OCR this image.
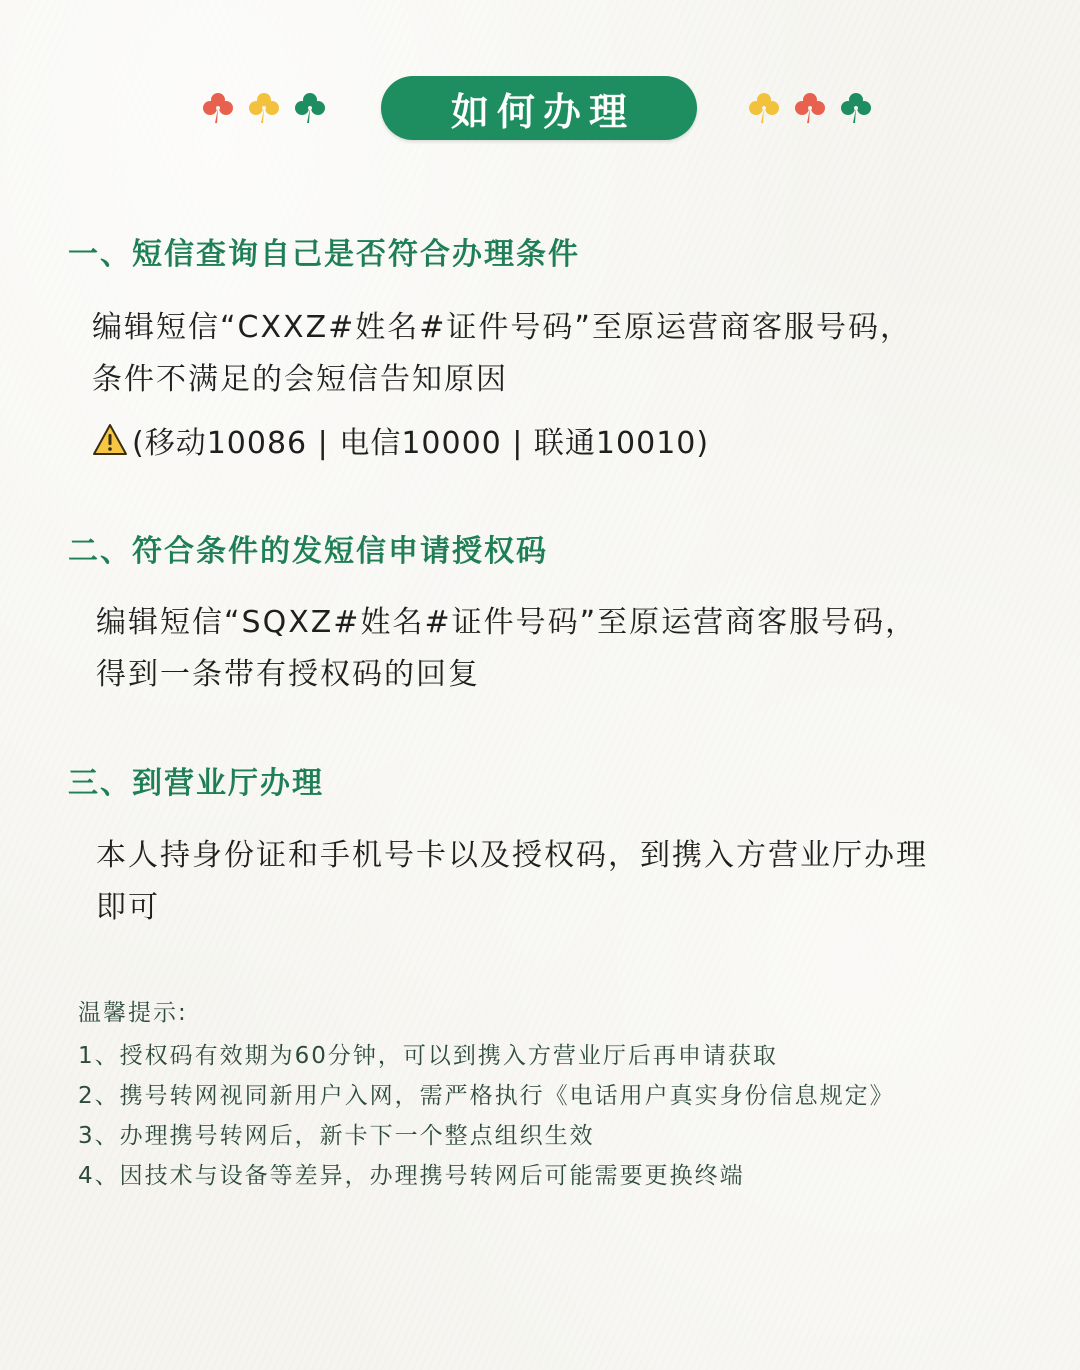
如何办理
一、短信查询自己是否符合办理条件
编辑短信“CXXZ#姓名#证件号码”至原运营商客服号码，
条件不满足的会短信告知原因
(移动10086 | 电信10000 | 联通10010)
二、符合条件的发短信申请授权码
编辑短信“SQXZ#姓名#证件号码”至原运营商客服号码，
得到一条带有授权码的回复
三、到营业厅办理
本人持身份证和手机号卡以及授权码，到携入方营业厅办理
即可
温馨提示:
1、授权码有效期为60分钟，可以到携入方营业厅后再申请获取
2、携号转网视同新用户入网，需严格执行《电话用户真实身份信息规定》
3、办理携号转网后，新卡下一个整点组织生效
4、因技术与设备等差异，办理携号转网后可能需要更换终端
